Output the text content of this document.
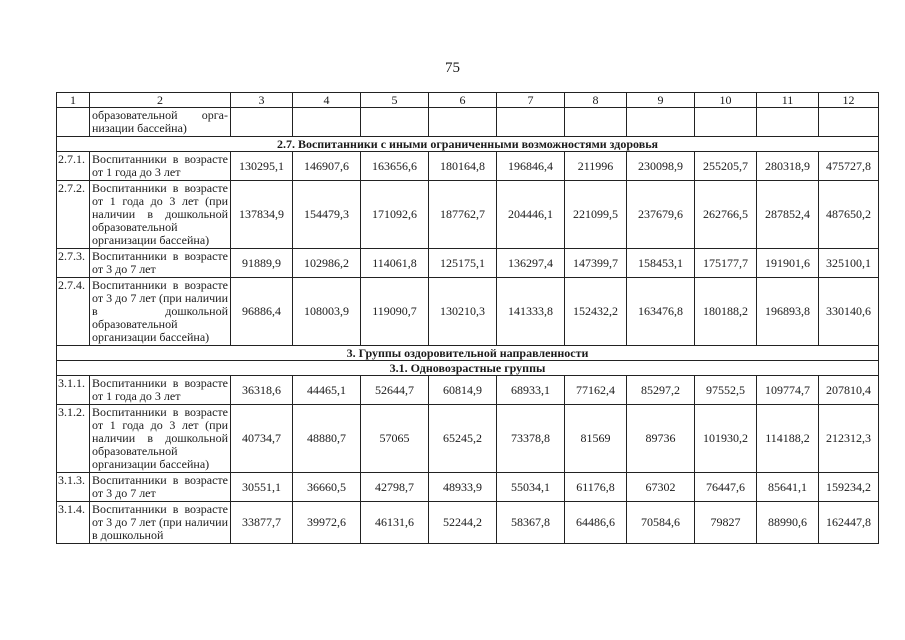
75
1	2	3	4	5	6	7	8	9	10	11	12
	образовательной орга-низации бассейна)										
2.7. Воспитанники с иными ограниченными возможностями здоровья											
2.7.1.	Воспитанники в возрасте от 1 года до 3 лет	130295,1	146907,6	163656,6	180164,8	196846,4	211996	230098,9	255205,7	280318,9	475727,8
2.7.2.	Воспитанники в возрасте от 1 года до 3 лет (при наличии в дошкольной образовательной организации бассейна)	137834,9	154479,3	171092,6	187762,7	204446,1	221099,5	237679,6	262766,5	287852,4	487650,2
2.7.3.	Воспитанники в возрасте от 3 до 7 лет	91889,9	102986,2	114061,8	125175,1	136297,4	147399,7	158453,1	175177,7	191901,6	325100,1
2.7.4.	Воспитанники в возрасте от 3 до 7 лет (при наличии в дошкольной образовательной организации бассейна)	96886,4	108003,9	119090,7	130210,3	141333,8	152432,2	163476,8	180188,2	196893,8	330140,6
3. Группы оздоровительной направленности											
3.1. Одновозрастные группы											
3.1.1.	Воспитанники в возрасте от 1 года до 3 лет	36318,6	44465,1	52644,7	60814,9	68933,1	77162,4	85297,2	97552,5	109774,7	207810,4
3.1.2.	Воспитанники в возрасте от 1 года до 3 лет (при наличии в дошкольной образовательной организации бассейна)	40734,7	48880,7	57065	65245,2	73378,8	81569	89736	101930,2	114188,2	212312,3
3.1.3.	Воспитанники в возрасте от 3 до 7 лет	30551,1	36660,5	42798,7	48933,9	55034,1	61176,8	67302	76447,6	85641,1	159234,2
3.1.4.	Воспитанники в возрасте от 3 до 7 лет (при наличии в дошкольной	33877,7	39972,6	46131,6	52244,2	58367,8	64486,6	70584,6	79827	88990,6	162447,8
